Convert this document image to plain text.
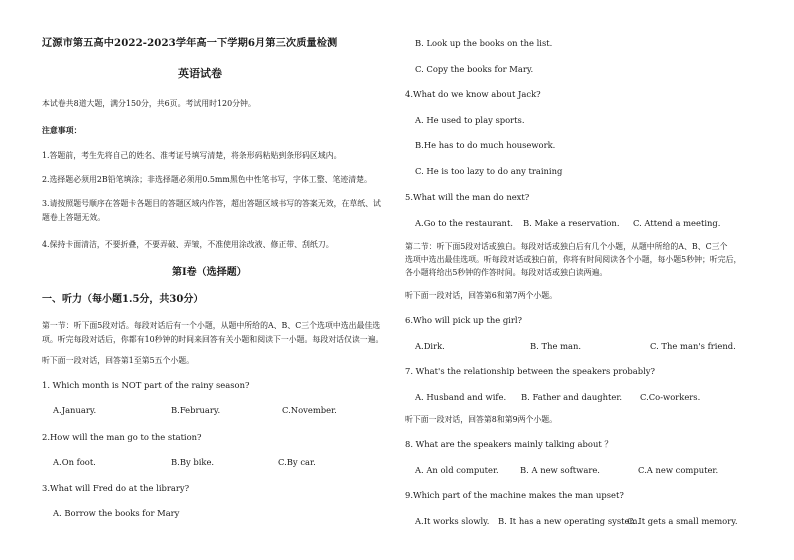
辽源市第五高中2022-2023学年高一下学期6月第三次质量检测
英语试卷
本试卷共8道大题，满分150分，共6页。考试用时120分钟。
注意事项：
1.答题前，考生先将自己的姓名、准考证号填写清楚，将条形码粘贴到条形码区域内。
2.选择题必须用2B铅笔填涂；非选择题必须用0.5mm黑色中性笔书写，字体工整、笔迹清楚。
3.请按照题号顺序在答题卡各题目的答题区域内作答，超出答题区域书写的答案无效，在草纸、试
题卷上答题无效。
4.保持卡面清洁，不要折叠，不要弄破、弄皱，不准使用涂改液、修正带、刮纸刀。
第Ⅰ卷（选择题）
一、听力（每小题1.5分，共30分）
第一节：听下面5段对话。每段对话后有一个小题，从题中所给的A、B、C三个选项中选出最佳选
项。听完每段对话后，你都有10秒钟的时间来回答有关小题和阅读下一小题。每段对话仅读一遍。
听下面一段对话，回答第1至第5五个小题。
1. Which month is NOT part of the rainy season?
A.January.	B.February.	C.November.
2.How will the man go to the station?
A.On foot.	B.By bike.	C.By car.
3.What will Fred do at the library?
A. Borrow the books for Mary
B. Look up the books on the list.
C. Copy the books for Mary.
4.What do we know about Jack?
A. He used to play sports.
B.He has to do much housework.
C. He is too lazy to do any training
5.What will the man do next?
A.Go to the restaurant. B. Make a reservation. C. Attend a meeting.
第二节：听下面5段对话或独白。每段对话或独白后有几个小题，从题中所给的A、B、C三个
选项中选出最佳选项。听每段对话或独白前，你将有时间阅读各个小题，每小题5秒钟；听完后，
各小题将给出5秒钟的作答时间。每段对话或独白读两遍。
听下面一段对话，回答第6和第7两个小题。
6.Who will pick up the girl?
A.Dirk.	B. The man.	C. The man's friend.
7. What's the relationship between the speakers probably?
A. Husband and wife. B. Father and daughter. C.Co-workers.
听下面一段对话，回答第8和第9两个小题。
8. What are the speakers mainly talking about ？
A. An old computer.	B. A new software.	C.A new computer.
9.Which part of the machine makes the man upset?
A.It works slowly. B. It has a new operating system.
C. It gets a small memory.
